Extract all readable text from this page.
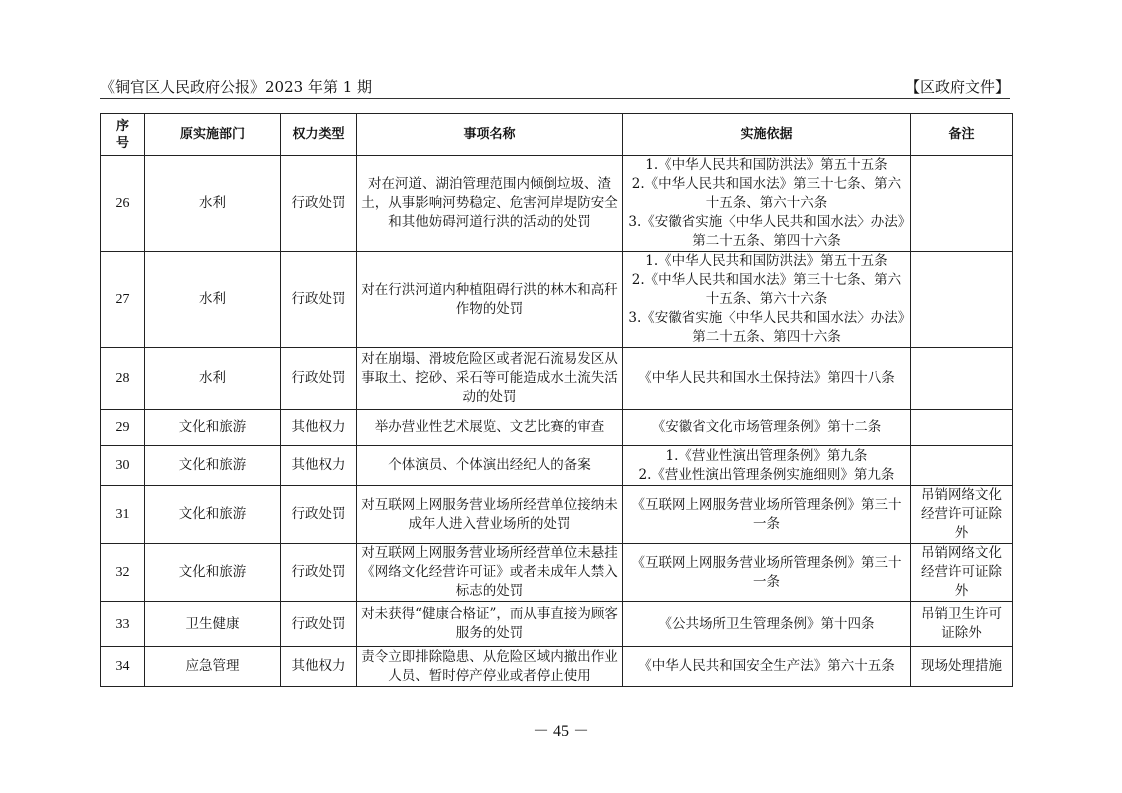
《铜官区人民政府公报》2023 年第 1 期	【区政府文件】
序号	原实施部门	权力类型	事项名称	实施依据	备注
26	水利	行政处罚	对在河道、湖泊管理范围内倾倒垃圾、渣土，从事影响河势稳定、危害河岸堤防安全和其他妨碍河道行洪的活动的处罚	1.《中华人民共和国防洪法》第五十五条
2.《中华人民共和国水法》第三十七条、第六十五条、第六十六条
3.《安徽省实施〈中华人民共和国水法〉办法》第二十五条、第四十六条	

27	水利	行政处罚	对在行洪河道内种植阻碍行洪的林木和高秆作物的处罚	1.《中华人民共和国防洪法》第五十五条
2.《中华人民共和国水法》第三十七条、第六十五条、第六十六条
3.《安徽省实施〈中华人民共和国水法〉办法》第二十五条、第四十六条	

28	水利	行政处罚	对在崩塌、滑坡危险区或者泥石流易发区从事取土、挖砂、采石等可能造成水土流失活动的处罚	《中华人民共和国水土保持法》第四十八条	

29	文化和旅游	其他权力	举办营业性艺术展览、文艺比赛的审查	《安徽省文化市场管理条例》第十二条	

30	文化和旅游	其他权力	个体演员、个体演出经纪人的备案	1.《营业性演出管理条例》第九条
2.《营业性演出管理条例实施细则》第九条	

31	文化和旅游	行政处罚	对互联网上网服务营业场所经营单位接纳未成年人进入营业场所的处罚	《互联网上网服务营业场所管理条例》第三十一条	吊销网络文化经营许可证除外
32	文化和旅游	行政处罚	对互联网上网服务营业场所经营单位未悬挂《网络文化经营许可证》或者未成年人禁入标志的处罚	《互联网上网服务营业场所管理条例》第三十一条	吊销网络文化经营许可证除外
33	卫生健康	行政处罚	对未获得“健康合格证”，而从事直接为顾客服务的处罚	《公共场所卫生管理条例》第十四条	吊销卫生许可证除外
34	应急管理	其他权力	责令立即排除隐患、从危险区域内撤出作业人员、暂时停产停业或者停止使用	《中华人民共和国安全生产法》第六十五条	现场处理措施
－ 45 －
